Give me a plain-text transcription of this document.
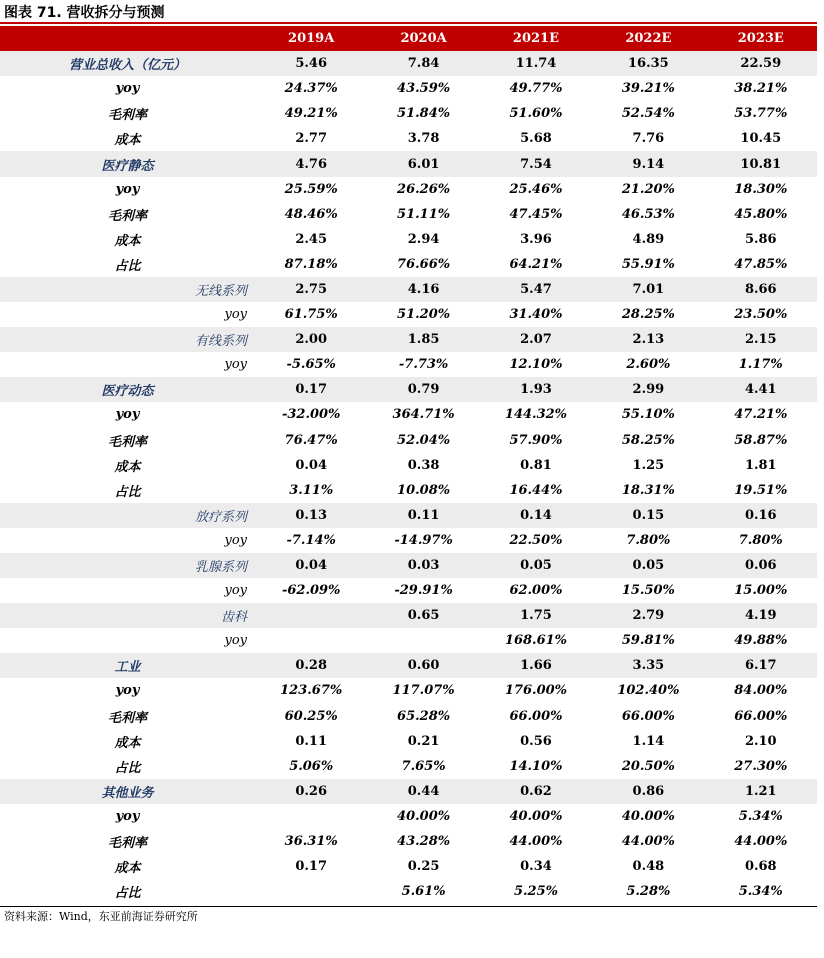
图表 71. 营收拆分与预测
	2019A	2020A	2021E	2022E	2023E
营业总收入（亿元）	5.46	7.84	11.74	16.35	22.59
yoy	24.37%	43.59%	49.77%	39.21%	38.21%
毛利率	49.21%	51.84%	51.60%	52.54%	53.77%
成本	2.77	3.78	5.68	7.76	10.45
医疗静态	4.76	6.01	7.54	9.14	10.81
yoy	25.59%	26.26%	25.46%	21.20%	18.30%
毛利率	48.46%	51.11%	47.45%	46.53%	45.80%
成本	2.45	2.94	3.96	4.89	5.86
占比	87.18%	76.66%	64.21%	55.91%	47.85%
无线系列	2.75	4.16	5.47	7.01	8.66
yoy	61.75%	51.20%	31.40%	28.25%	23.50%
有线系列	2.00	1.85	2.07	2.13	2.15
yoy	-5.65%	-7.73%	12.10%	2.60%	1.17%
医疗动态	0.17	0.79	1.93	2.99	4.41
yoy	-32.00%	364.71%	144.32%	55.10%	47.21%
毛利率	76.47%	52.04%	57.90%	58.25%	58.87%
成本	0.04	0.38	0.81	1.25	1.81
占比	3.11%	10.08%	16.44%	18.31%	19.51%
放疗系列	0.13	0.11	0.14	0.15	0.16
yoy	-7.14%	-14.97%	22.50%	7.80%	7.80%
乳腺系列	0.04	0.03	0.05	0.05	0.06
yoy	-62.09%	-29.91%	62.00%	15.50%	15.00%
齿科		0.65	1.75	2.79	4.19
yoy			168.61%	59.81%	49.88%
工业	0.28	0.60	1.66	3.35	6.17
yoy	123.67%	117.07%	176.00%	102.40%	84.00%
毛利率	60.25%	65.28%	66.00%	66.00%	66.00%
成本	0.11	0.21	0.56	1.14	2.10
占比	5.06%	7.65%	14.10%	20.50%	27.30%
其他业务	0.26	0.44	0.62	0.86	1.21
yoy		40.00%	40.00%	40.00%	5.34%
毛利率	36.31%	43.28%	44.00%	44.00%	44.00%
成本	0.17	0.25	0.34	0.48	0.68
占比		5.61%	5.25%	5.28%	5.34%
资料来源：Wind，东亚前海证券研究所
